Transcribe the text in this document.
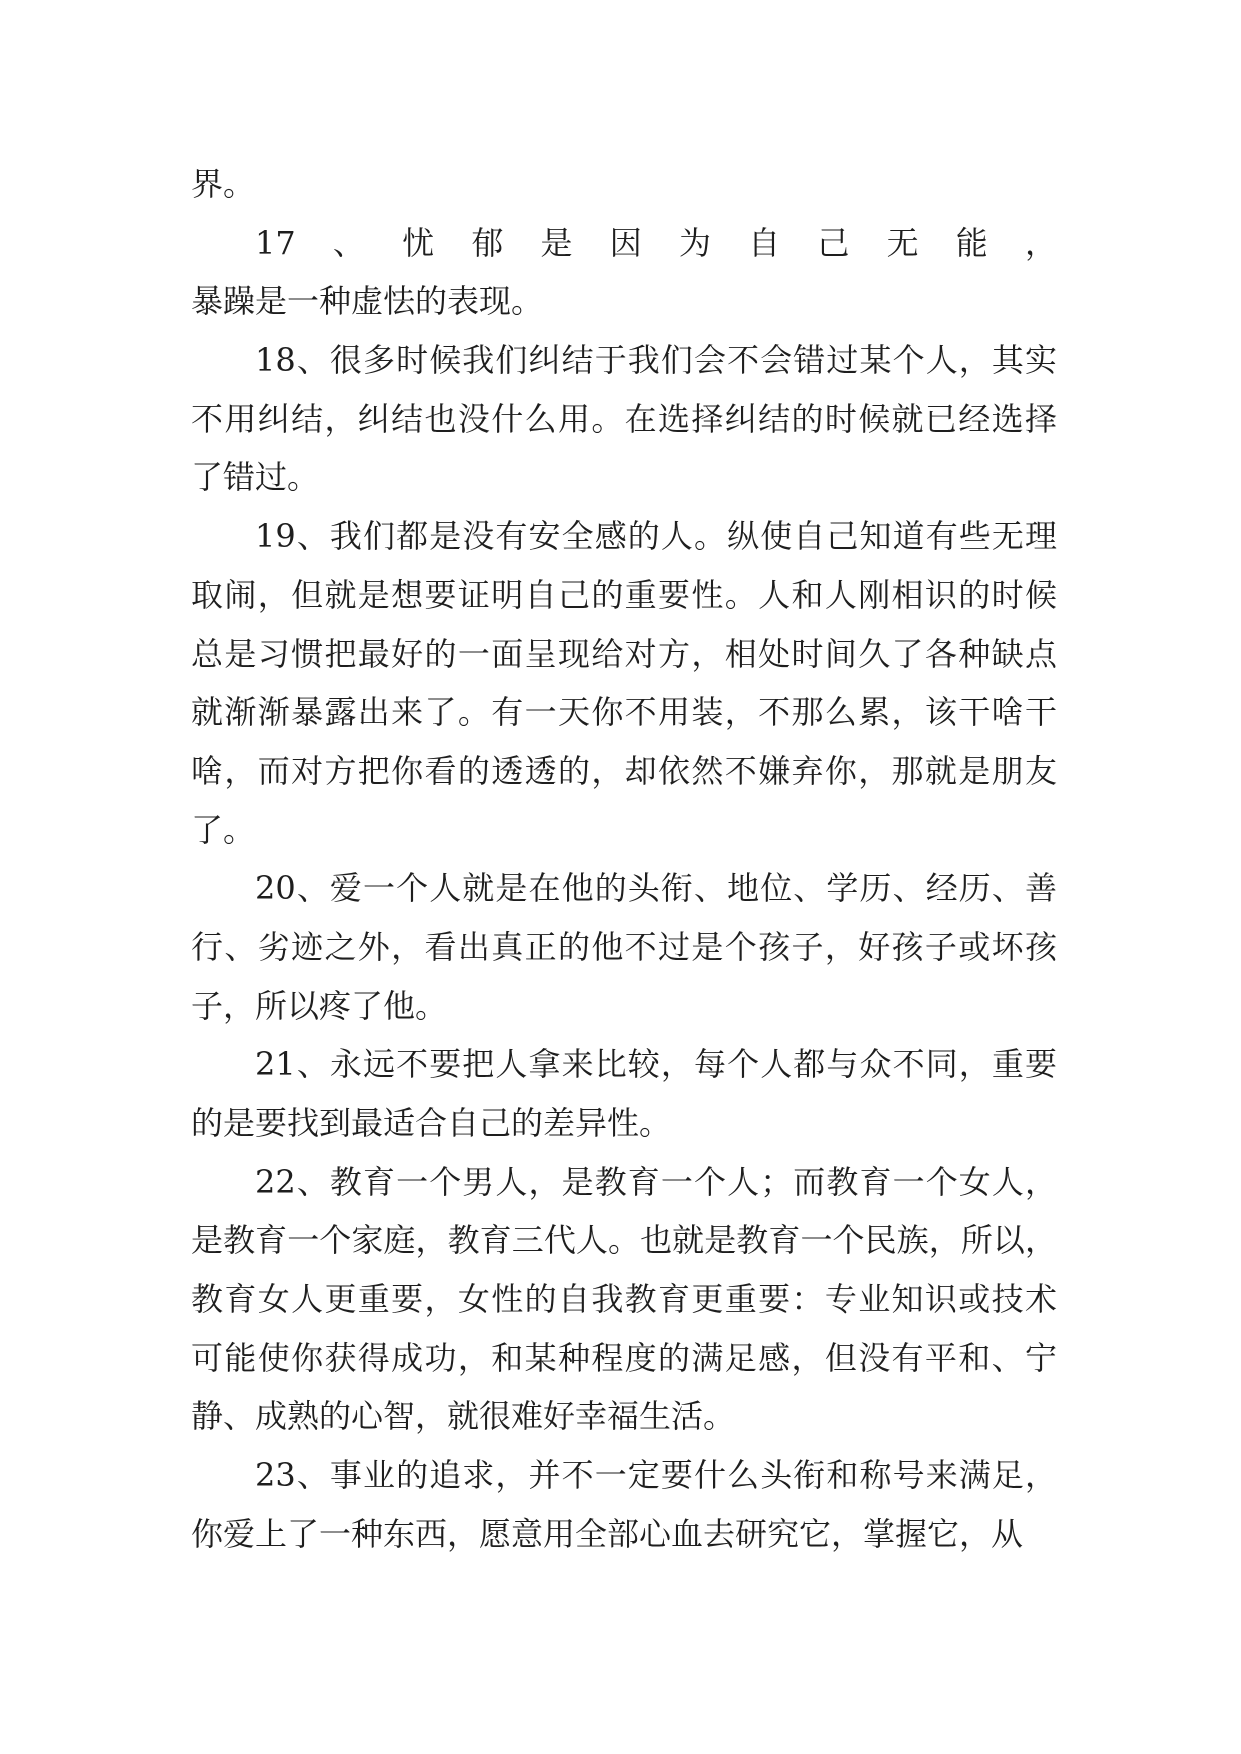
界。
17、忧郁是因为自己无能，
暴躁是一种虚怯的表现。
18、很多时候我们纠结于我们会不会错过某个人，其实
不用纠结，纠结也没什么用。在选择纠结的时候就已经选择
了错过。
19、我们都是没有安全感的人。纵使自己知道有些无理
取闹，但就是想要证明自己的重要性。人和人刚相识的时候
总是习惯把最好的一面呈现给对方，相处时间久了各种缺点
就渐渐暴露出来了。有一天你不用装，不那么累，该干啥干
啥，而对方把你看的透透的，却依然不嫌弃你，那就是朋友
了。
20、爱一个人就是在他的头衔、地位、学历、经历、善
行、劣迹之外，看出真正的他不过是个孩子，好孩子或坏孩
子，所以疼了他。
21、永远不要把人拿来比较，每个人都与众不同，重要
的是要找到最适合自己的差异性。
22、教育一个男人，是教育一个人；而教育一个女人，
是教育一个家庭，教育三代人。也就是教育一个民族，所以，
教育女人更重要，女性的自我教育更重要：专业知识或技术
可能使你获得成功，和某种程度的满足感，但没有平和、宁
静、成熟的心智，就很难好幸福生活。
23、事业的追求，并不一定要什么头衔和称号来满足，
你爱上了一种东西，愿意用全部心血去研究它，掌握它，从
